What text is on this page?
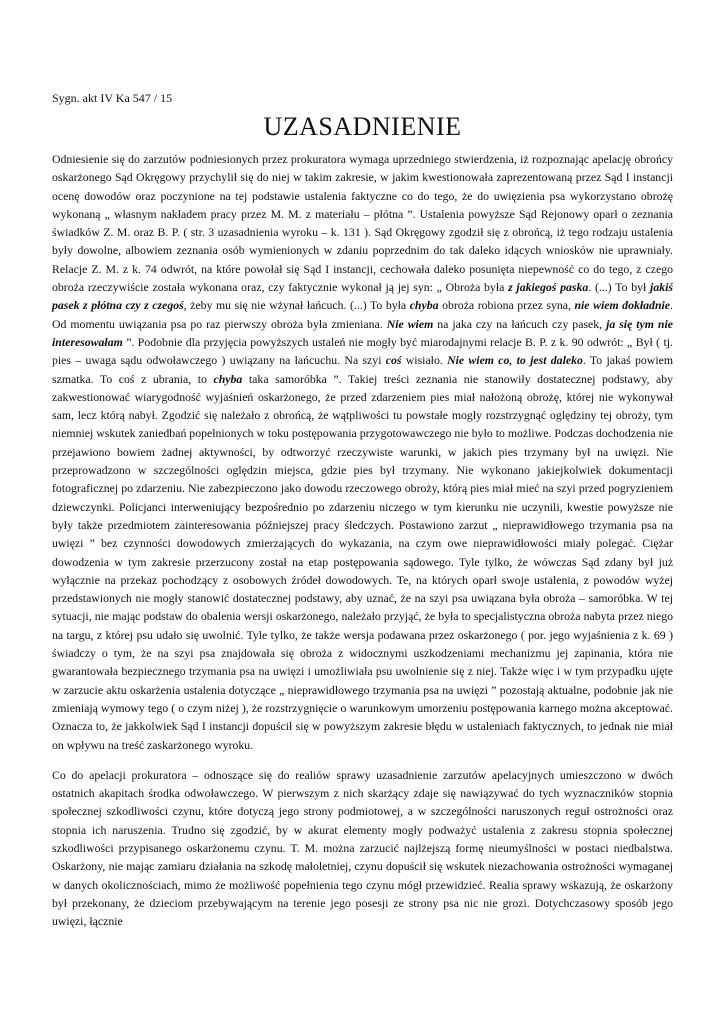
Sygn. akt IV Ka 547 / 15

UZASADNIENIE

Odniesienie się do zarzutów podniesionych przez prokuratora wymaga uprzedniego stwierdzenia, iż rozpoznając apelację obrońcy oskarżonego Sąd Okręgowy przychylił się do niej w takim zakresie, w jakim kwestionowała zaprezentowaną przez Sąd I instancji ocenę dowodów oraz poczynione na tej podstawie ustalenia faktyczne co do tego, że do uwięzienia psa wykorzystano obrożę wykonaną „ własnym nakładem pracy przez M. M. z materiału – płótna ”. Ustalenia powyższe Sąd Rejonowy oparł o zeznania świadków Z. M. oraz B. P. ( str. 3 uzasadnienia wyroku – k. 131 ). Sąd Okręgowy zgodził się z obrońcą, iż tego rodzaju ustalenia były dowolne, albowiem zeznania osób wymienionych w zdaniu poprzednim do tak daleko idących wniosków nie uprawniały. Relacje Z. M. z k. 74 odwrót, na które powołał się Sąd I instancji, cechowała daleko posunięta niepewność co do tego, z czego obroża rzeczywiście została wykonana oraz, czy faktycznie wykonał ją jej syn: „ Obroża była z jakiegoś paska. (...) To był jakiś pasek z płótna czy z czegoś, żeby mu się nie wżynał łańcuch. (...) To była chyba obroża robiona przez syna, nie wiem dokładnie. Od momentu uwiązania psa po raz pierwszy obroża była zmieniana. Nie wiem na jaka czy na łańcuch czy pasek, ja się tym nie interesowałam ”. Podobnie dla przyjęcia powyższych ustaleń nie mogły być miarodajnymi relacje B. P. z k. 90 odwrót: „ Był ( tj. pies – uwaga sądu odwoławczego ) uwiązany na łańcuchu. Na szyi coś wisiało. Nie wiem co, to jest daleko. To jakaś powiem szmatka. To coś z ubrania, to chyba taka samoróbka ”. Takiej treści zeznania nie stanowiły dostatecznej podstawy, aby zakwestionować wiarygodność wyjaśnień oskarżonego, że przed zdarzeniem pies miał nałożoną obrożę, której nie wykonywał sam, lecz którą nabył. Zgodzić się należało z obrońcą, że wątpliwości tu powstałe mogły rozstrzygnąć oględziny tej obroży, tym niemniej wskutek zaniedbań popełnionych w toku postępowania przygotowawczego nie było to możliwe. Podczas dochodzenia nie przejawiono bowiem żadnej aktywności, by odtworzyć rzeczywiste warunki, w jakich pies trzymany był na uwięzi. Nie przeprowadzono w szczególności oględzin miejsca, gdzie pies był trzymany. Nie wykonano jakiejkolwiek dokumentacji fotograficznej po zdarzeniu. Nie zabezpieczono jako dowodu rzeczowego obroży, którą pies miał mieć na szyi przed pogryzieniem dziewczynki. Policjanci interweniujący bezpośrednio po zdarzeniu niczego w tym kierunku nie uczynili, kwestie powyższe nie były także przedmiotem zainteresowania późniejszej pracy śledczych. Postawiono zarzut „ nieprawidłowego trzymania psa na uwięzi ” bez czynności dowodowych zmierzających do wykazania, na czym owe nieprawidłowości miały polegać. Ciężar dowodzenia w tym zakresie przerzucony został na etap postępowania sądowego. Tyle tylko, że wówczas Sąd zdany był już wyłącznie na przekaz pochodzący z osobowych źródeł dowodowych. Te, na których oparł swoje ustalenia, z powodów wyżej przedstawionych nie mogły stanowić dostatecznej podstawy, aby uznać, że na szyi psa uwiązana była obroża – samoróbka. W tej sytuacji, nie mając podstaw do obalenia wersji oskarżonego, należało przyjąć, że była to specjalistyczna obroża nabyta przez niego na targu, z której psu udało się uwolnić. Tyle tylko, że także wersja podawana przez oskarżonego ( por. jego wyjaśnienia z k. 69 ) świadczy o tym, że na szyi psa znajdowała się obroża z widocznymi uszkodzeniami mechanizmu jej zapinania, która nie gwarantowała bezpiecznego trzymania psa na uwięzi i umożliwiała psu uwolnienie się z niej. Także więc i w tym przypadku ujęte w zarzucie aktu oskarżenia ustalenia dotyczące „ nieprawidłowego trzymania psa na uwięzi ” pozostają aktualne, podobnie jak nie zmieniają wymowy tego ( o czym niżej ), że rozstrzygnięcie o warunkowym umorzeniu postępowania karnego można akceptować. Oznacza to, że jakkolwiek Sąd I instancji dopuścił się w powyższym zakresie błędu w ustaleniach faktycznych, to jednak nie miał on wpływu na treść zaskarżonego wyroku.

Co do apelacji prokuratora – odnoszące się do realiów sprawy uzasadnienie zarzutów apelacyjnych umieszczono w dwóch ostatnich akapitach środka odwoławczego. W pierwszym z nich skarżący zdaje się nawiązywać do tych wyznaczników stopnia społecznej szkodliwości czynu, które dotyczą jego strony podmiotowej, a w szczególności naruszonych reguł ostrożności oraz stopnia ich naruszenia. Trudno się zgodzić, by w akurat elementy mogły podważyć ustalenia z zakresu stopnia społecznej szkodliwości przypisanego oskarżonemu czynu. T. M. można zarzucić najlżejszą formę nieumyślności w postaci niedbalstwa. Oskarżony, nie mając zamiaru działania na szkodę małoletniej, czynu dopuścił się wskutek niezachowania ostrożności wymaganej w danych okolicznościach, mimo że możliwość popełnienia tego czynu mógł przewidzieć. Realia sprawy wskazują, że oskarżony był przekonany, że dzieciom przebywającym na terenie jego posesji ze strony psa nic nie grozi. Dotychczasowy sposób jego uwięzi, łącznie
